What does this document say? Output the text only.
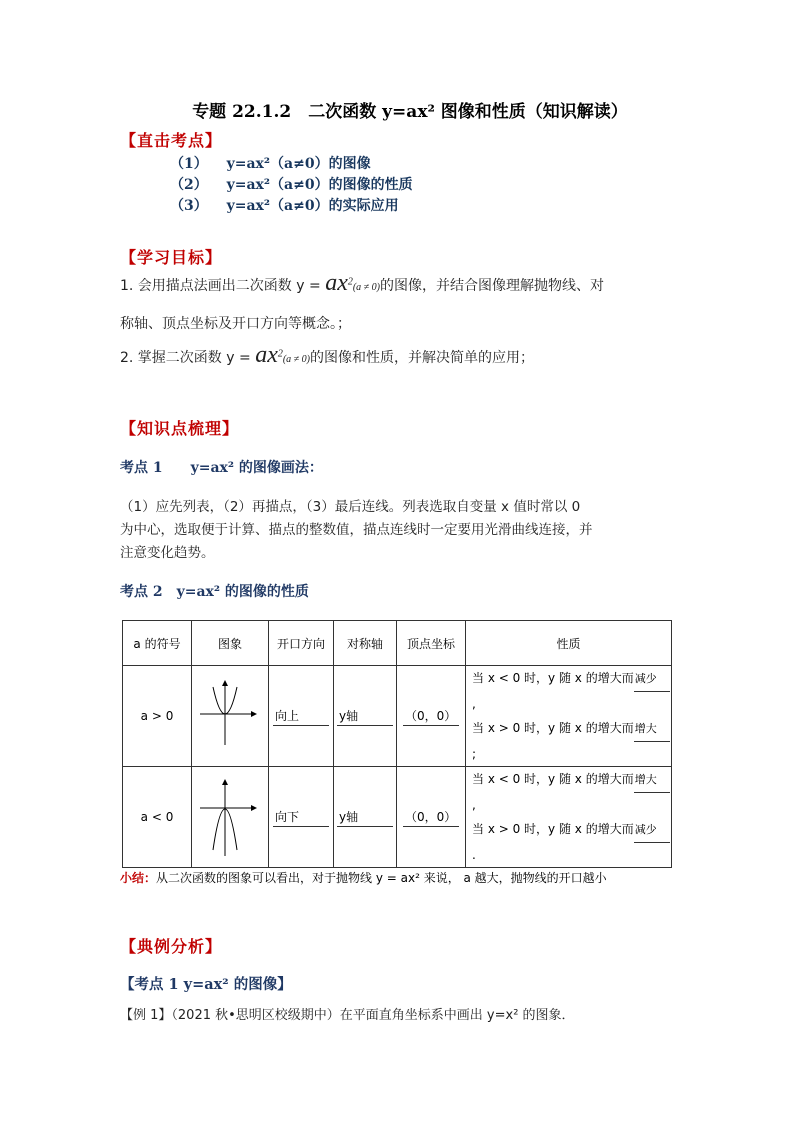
专题 22.1.2　二次函数 y=ax² 图像和性质（知识解读）
【直击考点】
（1） y=ax²（a≠0）的图像
（2） y=ax²（a≠0）的图像的性质
（3） y=ax²（a≠0）的实际应用
【学习目标】
1. 会用描点法画出二次函数 $y = ax^2(a \ne 0)$的图像，并结合图像理解抛物线、对
称轴、顶点坐标及开口方向等概念。；
2. 掌握二次函数 $y = ax^2(a \ne 0)$的图像和性质，并解决简单的应用；
【知识点梳理】
考点 1　　y=ax² 的图像画法：
（1）应先列表，（2）再描点，（3）最后连线。列表选取自变量 x 值时常以 0
为中心，选取便于计算、描点的整数值，描点连线时一定要用光滑曲线连接，并
注意变化趋势。
考点 2　y=ax² 的图像的性质
a 的符号	图象	开口方向	对称轴	顶点坐标	性质
a > 0		向上	y轴	（0，0）	当 x < 0 时，y 随 x 的增大而减少,
当 x > 0 时，y 随 x 的增大而增大;

a < 0		向下	y轴	（0，0）	当 x < 0 时，y 随 x 的增大而增大,
当 x > 0 时，y 随 x 的增大而减少.
小结：从二次函数的图象可以看出，对于抛物线 y = ax² 来说， a 越大，抛物线的开口越小
【典例分析】
【考点 1 y=ax² 的图像】
【例 1】（2021 秋•思明区校级期中）在平面直角坐标系中画出 y=x² 的图象．
